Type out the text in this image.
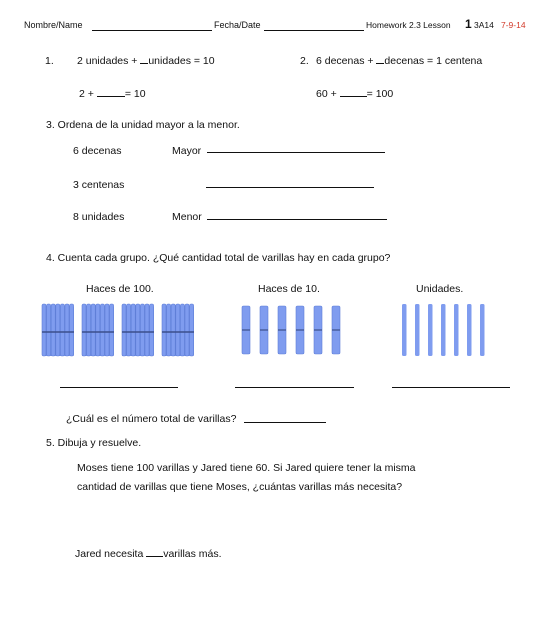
Nombre/Name	Fecha/Date	Homework 2.3 Lesson 1 3A14 7-9-14
1. 2 unidades + unidades = 10
2 +	= 10
2. 6 decenas + decenas = 1 centena
60 +	= 100
3. Ordena de la unidad mayor a la menor.
6 decenas	Mayor
3 centenas
8 unidades	Menor
4. Cuenta cada grupo. ¿Qué cantidad total de varillas hay en cada grupo?
Haces de 100.	Haces de 10.	Unidades.
¿Cuál es el número total de varillas?
5. Dibuja y resuelve.
Moses tiene 100 varillas y Jared tiene 60. Si Jared quiere tener la misma
cantidad de varillas que tiene Moses, ¿cuántas varillas más necesita?
Jared necesita varillas más.
